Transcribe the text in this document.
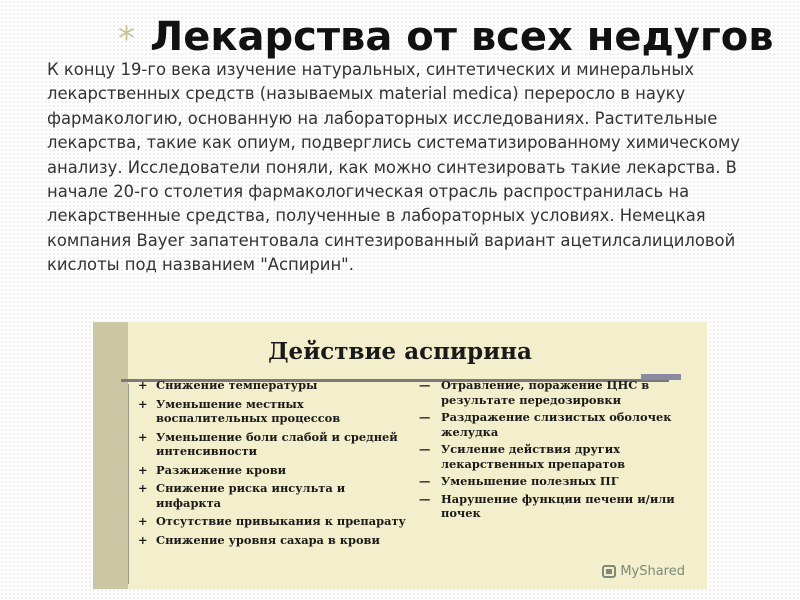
* Лекарства от всех недугов

К концу 19-го века изучение натуральных, синтетических и минеральных лекарственных средств (называемых material medica) переросло в науку фармакологию, основанную на лабораторных исследованиях. Растительные лекарства, такие как опиум, подверглись систематизированному химическому анализу. Исследователи поняли, как можно синтезировать такие лекарства. В начале 20-го столетия фармакологическая отрасль распространилась на лекарственные средства, полученные в лабораторных условиях. Немецкая компания Bayer запатентовала синтезированный вариант ацетилсалициловой кислоты под названием "Аспирин".

Действие аспирина
+ Снижение температуры
+ Уменьшение местных воспалительных процессов
+ Уменьшение боли слабой и средней интенсивности
+ Разжижение крови
+ Снижение риска инсульта и инфаркта
+ Отсутствие привыкания к препарату
+ Снижение уровня сахара в крови
— Отравление, поражение ЦНС в результате передозировки
— Раздражение слизистых оболочек желудка
— Усиление действия других лекарственных препаратов
— Уменьшение полезных ПГ
— Нарушение функции печени и/или почек
MyShared
